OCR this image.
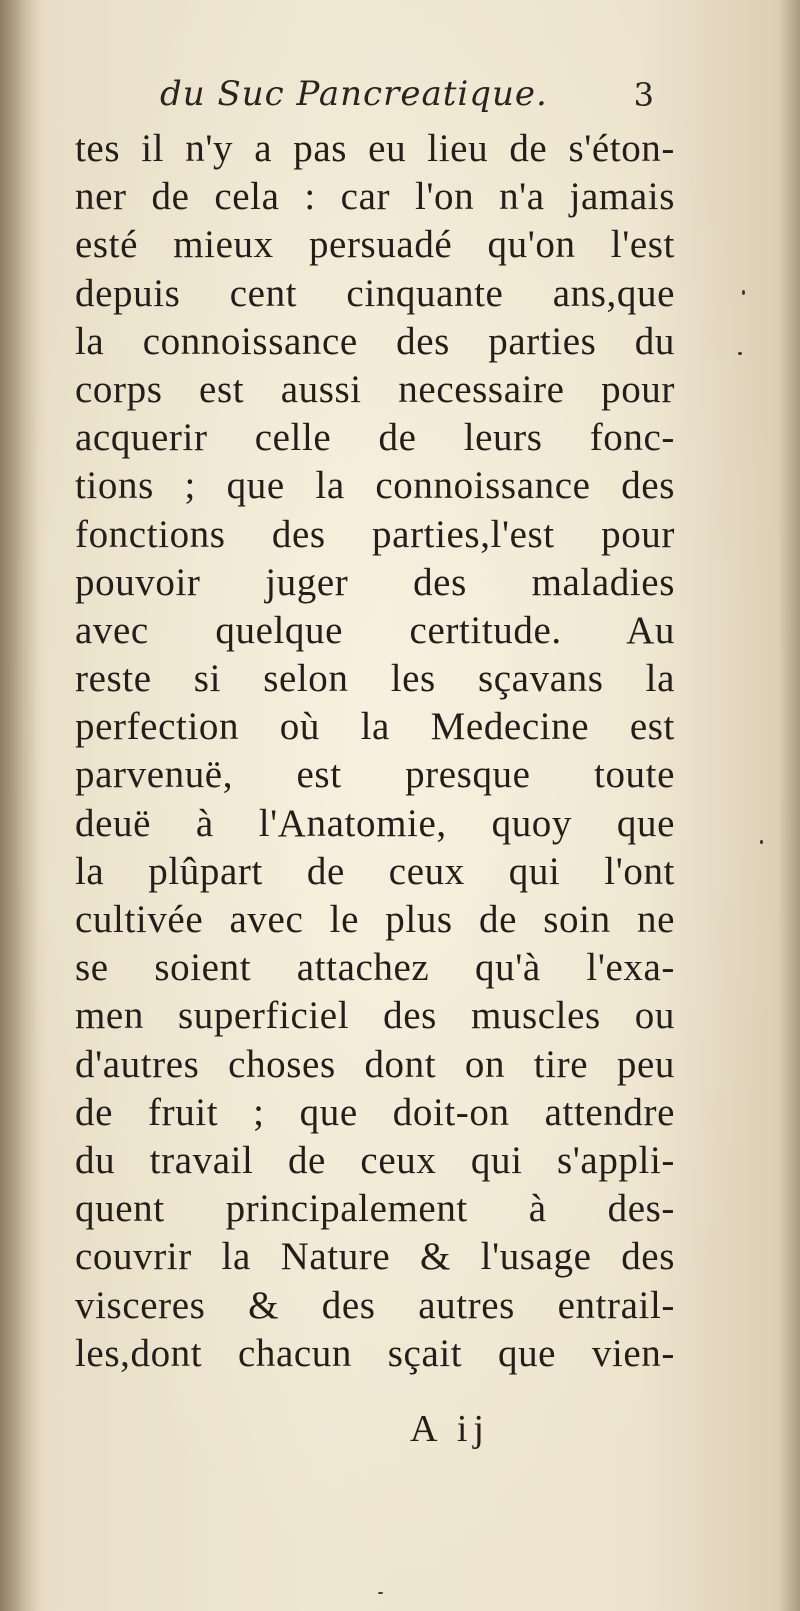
du Suc Pancreatique.	3
tes il n'y a pas eu lieu de s'éton-
ner de cela : car l'on n'a jamais
esté mieux persuadé qu'on l'est
depuis cent cinquante ans,que
la connoissance des parties du
corps est aussi necessaire pour
acquerir celle de leurs fonc-
tions ; que la connoissance des
fonctions des parties,l'est pour
pouvoir juger des maladies
avec quelque certitude. Au
reste si selon les sçavans la
perfection où la Medecine est
parvenuë, est presque toute
deuë à l'Anatomie, quoy que
la plûpart de ceux qui l'ont
cultivée avec le plus de soin ne
se soient attachez qu'à l'exa-
men superficiel des muscles ou
d'autres choses dont on tire peu
de fruit ; que doit-on attendre
du travail de ceux qui s'appli-
quent principalement à des-
couvrir la Nature & l'usage des
visceres & des autres entrail-
les,dont chacun sçait que vien-
A ij
